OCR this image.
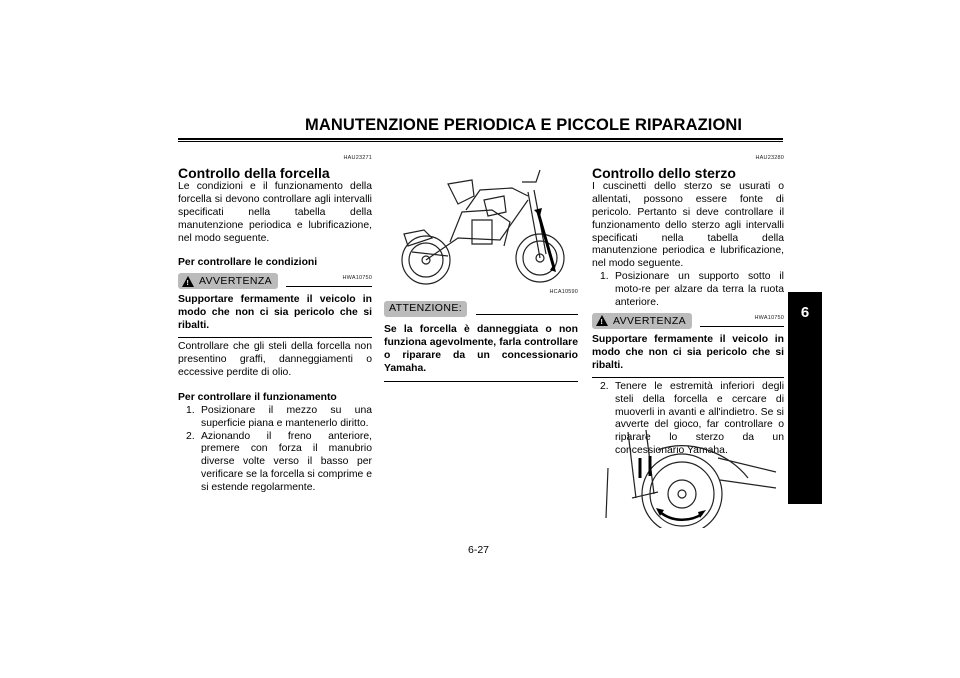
MANUTENZIONE PERIODICA E PICCOLE RIPARAZIONI
6
HAU23271
Controllo della forcella
Le condizioni e il funzionamento della forcella si devono controllare agli intervalli specificati nella tabella della manutenzione periodica e lubrificazione, nel modo seguente.
Per controllare le condizioni
! AVVERTENZA	HWA10750
Supportare fermamente il veicolo in modo che non ci sia pericolo che si ribalti.
Controllare che gli steli della forcella non presentino graffi, danneggiamenti o eccessive perdite di olio.
Per controllare il funzionamento
1. Posizionare il mezzo su una superficie piana e mantenerlo diritto.
2. Azionando il freno anteriore, premere con forza il manubrio diverse volte verso il basso per verificare se la forcella si comprime e si estende regolarmente.
HCA10590
ATTENZIONE:
Se la forcella è danneggiata o non funziona agevolmente, farla controllare o riparare da un concessionario Yamaha.
HAU23280
Controllo dello sterzo
I cuscinetti dello sterzo se usurati o allentati, possono essere fonte di pericolo. Pertanto si deve controllare il funzionamento dello sterzo agli intervalli specificati nella tabella della manutenzione periodica e lubrificazione, nel modo seguente.
1. Posizionare un supporto sotto il moto-re per alzare da terra la ruota anteriore.
! AVVERTENZA	HWA10750
Supportare fermamente il veicolo in modo che non ci sia pericolo che si ribalti.
2. Tenere le estremità inferiori degli steli della forcella e cercare di muoverli in avanti e all'indietro. Se si avverte del gioco, far controllare o riparare lo sterzo da un concessionario Yamaha.
6-27
